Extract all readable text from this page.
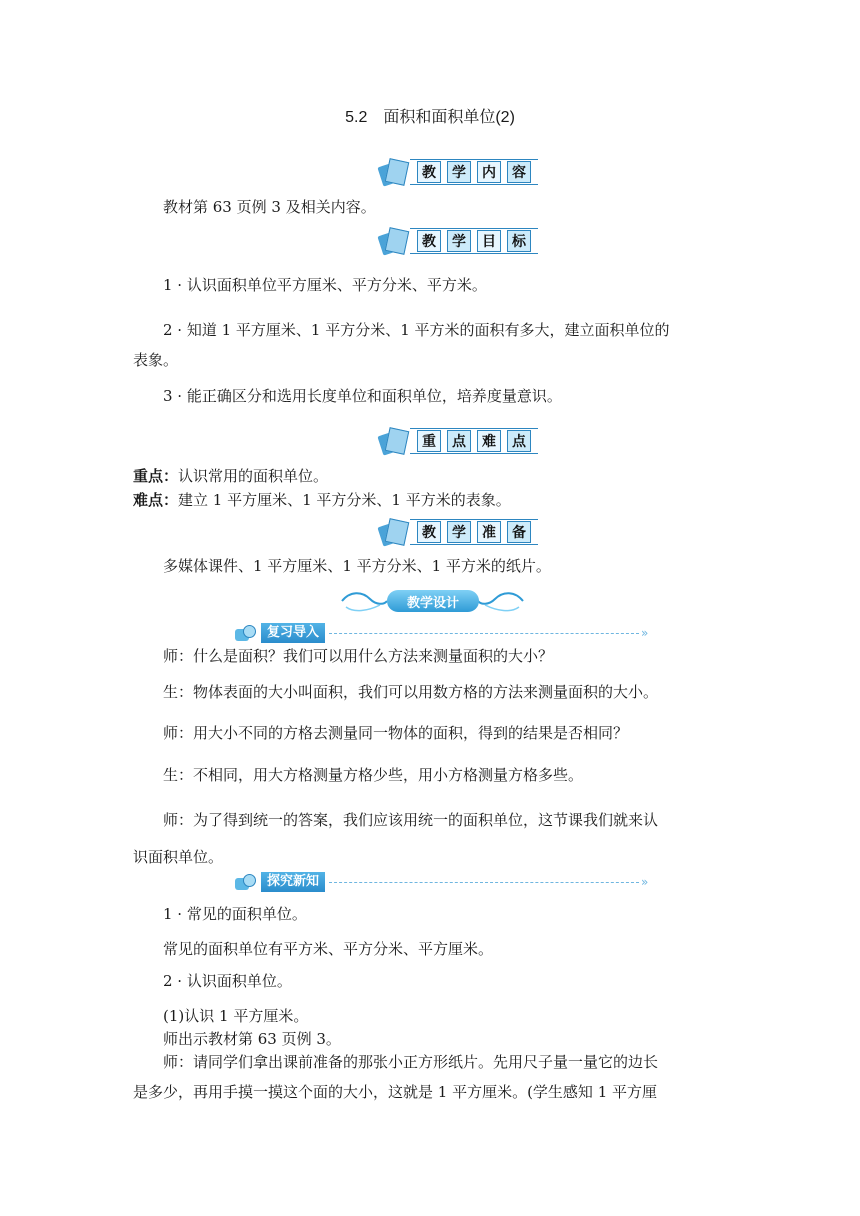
5.2　面积和面积单位(2)
教	学	内	容
教材第 63 页例 3 及相关内容。
教	学	目	标
1 · 认识面积单位平方厘米、平方分米、平方米。
2 · 知道 1 平方厘米、1 平方分米、1 平方米的面积有多大，建立面积单位的
表象。
3 · 能正确区分和选用长度单位和面积单位，培养度量意识。
重	点	难	点
重点：认识常用的面积单位。
难点：建立 1 平方厘米、1 平方分米、1 平方米的表象。
教	学	准	备
多媒体课件、1 平方厘米、1 平方分米、1 平方米的纸片。
教学设计
复习导入	»
师：什么是面积？我们可以用什么方法来测量面积的大小？
生：物体表面的大小叫面积，我们可以用数方格的方法来测量面积的大小。
师：用大小不同的方格去测量同一物体的面积，得到的结果是否相同？
生：不相同，用大方格测量方格少些，用小方格测量方格多些。
师：为了得到统一的答案，我们应该用统一的面积单位，这节课我们就来认
识面积单位。
探究新知	»
1 · 常见的面积单位。
常见的面积单位有平方米、平方分米、平方厘米。
2 · 认识面积单位。
(1)认识 1 平方厘米。
师出示教材第 63 页例 3。
师：请同学们拿出课前准备的那张小正方形纸片。先用尺子量一量它的边长
是多少，再用手摸一摸这个面的大小，这就是 1 平方厘米。(学生感知 1 平方厘
